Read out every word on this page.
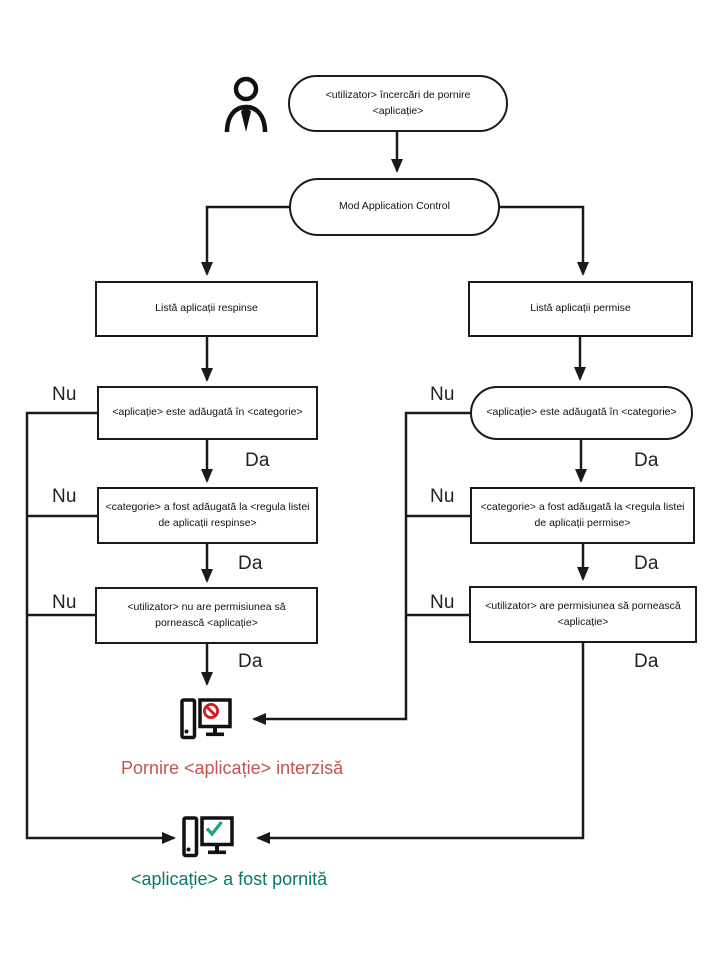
<utilizator> încercări de pornire <aplicație>
Mod Application Control
Listă aplicații respinse	Listă aplicații permise
<aplicație> este adăugată în <categorie>	<aplicație> este adăugată în <categorie>
<categorie> a fost adăugată la <regula listei de aplicații respinse>
<categorie> a fost adăugată la <regula listei de aplicații permise>
<utilizator> nu are permisiunea să pornească <aplicație>
<utilizator> are permisiunea să pornească <aplicație>
Nu
Nu
Nu
Nu
Nu
Nu
Da
Da
Da
Da
Da
Da
Pornire <aplicație> interzisă
<aplicație> a fost pornită
